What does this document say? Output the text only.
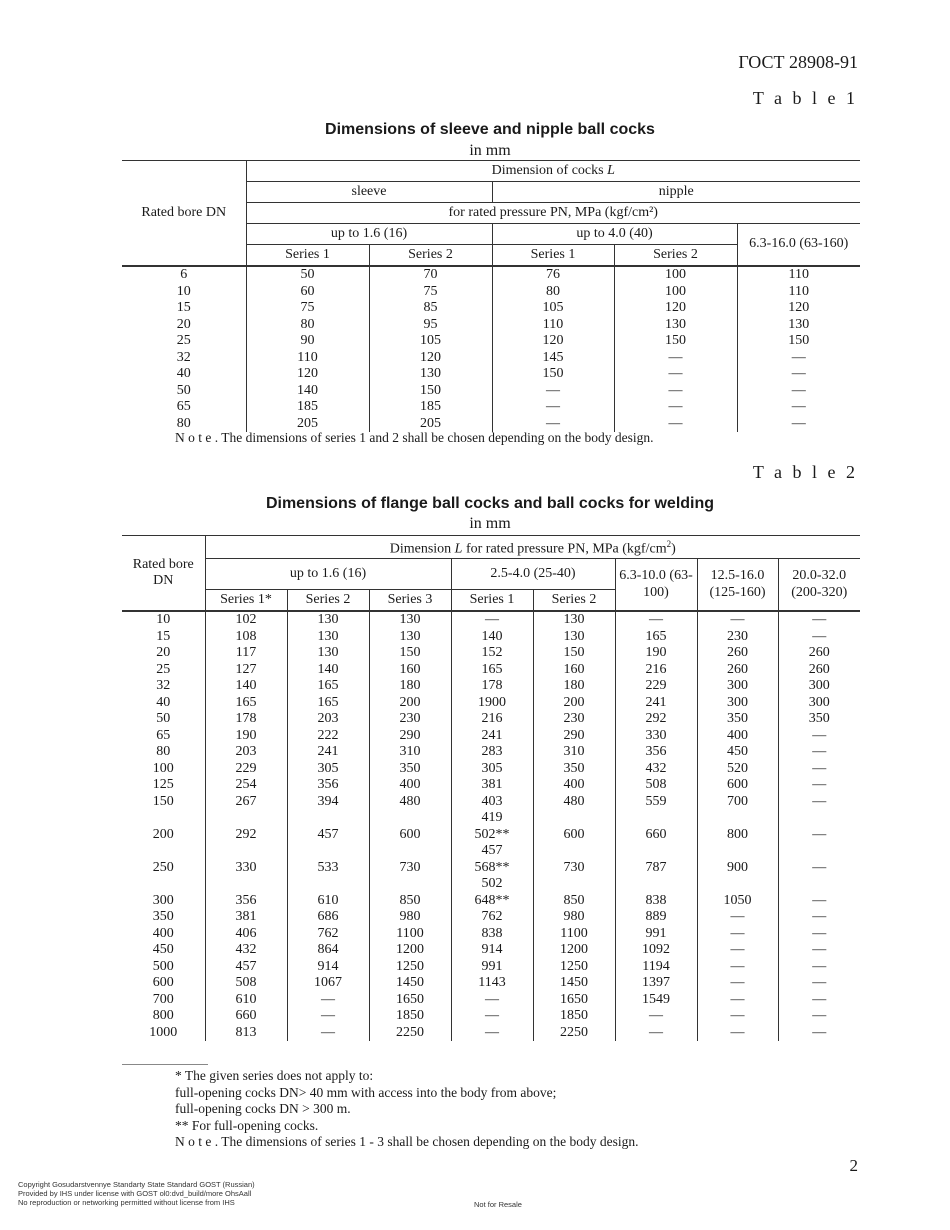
ГОСТ 28908-91
T a b l e 1
Dimensions of sleeve and nipple ball cocks
in mm
Rated bore DN	Dimension of cocks L				
	sleeve		nipple		
	for rated pressure PN, MPa (kgf/cm²)				
	up to 1.6 (16)		up to 4.0 (40)		6.3-16.0 (63-160)
	Series 1	Series 2	Series 1	Series 2	
6	50	70	76	100	110
10	60	75	80	100	110
15	75	85	105	120	120
20	80	95	110	130	130
25	90	105	120	150	150
32	110	120	145	—	—
40	120	130	150	—	—
50	140	150	—	—	—
65	185	185	—	—	—
80	205	205	—	—	—
N o t e . The dimensions of series 1 and 2 shall be chosen depending on the body design.
T a b l e 2
Dimensions of flange ball cocks and ball cocks for welding
in mm
Rated bore DN	Dimension L for rated pressure PN, MPa $(kgf/cm^2)$							
	up to 1.6 (16)			2.5-4.0 (25-40)		6.3-10.0 (63-100)	12.5-16.0 (125-160)	20.0-32.0 (200-320)
	Series 1*	Series 2	Series 3	Series 1	Series 2			
10	102	130	130	—	130	—	—	—
15	108	130	130	140	130	165	230	—
20	117	130	150	152	150	190	260	260
25	127	140	160	165	160	216	260	260
32	140	165	180	178	180	229	300	300
40	165	165	200	1900	200	241	300	300
50	178	203	230	216	230	292	350	350
65	190	222	290	241	290	330	400	—
80	203	241	310	283	310	356	450	—
100	229	305	350	305	350	432	520	—
125	254	356	400	381	400	508	600	—
150	267	394	480	403	480	559	700	—
				419				
200	292	457	600	502**	600	660	800	—
				457				
250	330	533	730	568**	730	787	900	—
				502				
300	356	610	850	648**	850	838	1050	—
350	381	686	980	762	980	889	—	—
400	406	762	1100	838	1100	991	—	—
450	432	864	1200	914	1200	1092	—	—
500	457	914	1250	991	1250	1194	—	—
600	508	1067	1450	1143	1450	1397	—	—
700	610	—	1650	—	1650	1549	—	—
800	660	—	1850	—	1850	—	—	—
1000	813	—	2250	—	2250	—	—	—
* The given series does not apply to:
full-opening cocks DN> 40 mm with access into the body from above;
full-opening cocks DN > 300 m.
** For full-opening cocks.
N o t e . The dimensions of series 1 - 3 shall be chosen depending on the body design.
2
Copyright Gosudarstvennye Standarty State Standard GOST (Russian)
Provided by IHS under license with GOST ol0:dvd_build/more OhsAall
No reproduction or networking permitted without license from IHS	Not for Resale
